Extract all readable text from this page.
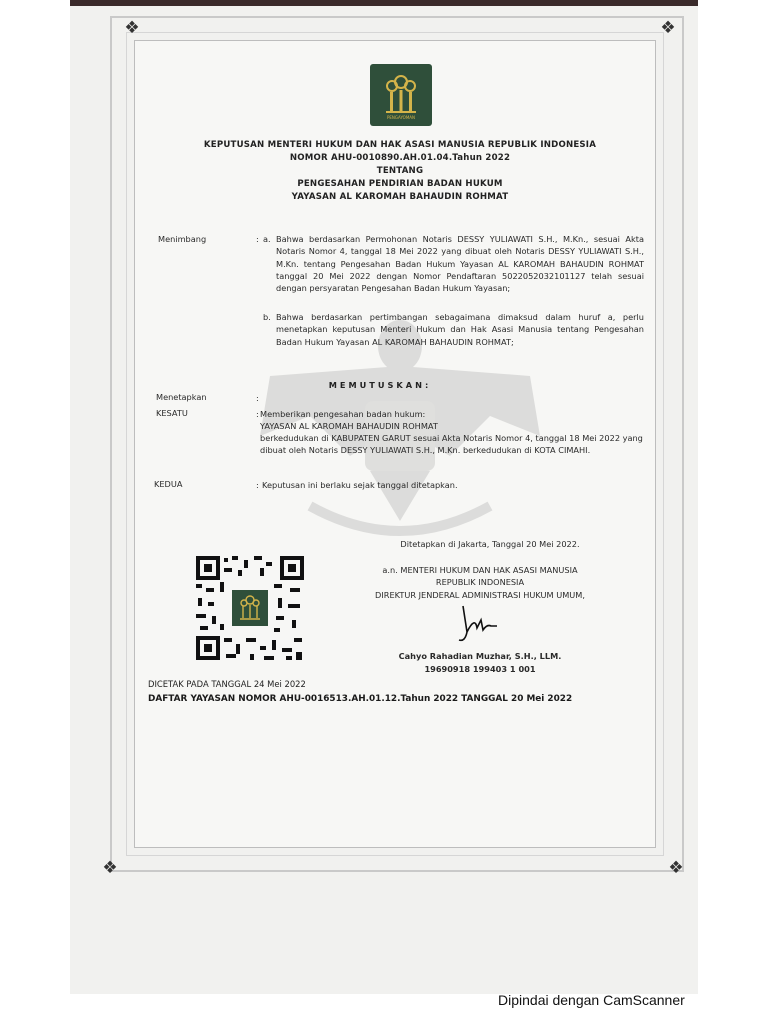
❖	❖
❖	❖
PENGAYOMAN
KEPUTUSAN MENTERI HUKUM DAN HAK ASASI MANUSIA REPUBLIK INDONESIA
NOMOR AHU-0010890.AH.01.04.Tahun 2022
TENTANG
PENGESAHAN PENDIRIAN BADAN HUKUM
YAYASAN AL KAROMAH BAHAUDIN ROHMAT
Menimbang	: a. Bahwa berdasarkan Permohonan Notaris DESSY YULIAWATI S.H., M.Kn., sesuai Akta Notaris Nomor 4, tanggal 18 Mei 2022 yang dibuat oleh Notaris DESSY YULIAWATI S.H., M.Kn. tentang Pengesahan Badan Hukum Yayasan AL KAROMAH BAHAUDIN ROHMAT tanggal 20 Mei 2022 dengan Nomor Pendaftaran 5022052032101127 telah sesuai dengan persyaratan Pengesahan Badan Hukum Yayasan;
b. Bahwa berdasarkan pertimbangan sebagaimana dimaksud dalam huruf a, perlu menetapkan keputusan Menteri Hukum dan Hak Asasi Manusia tentang Pengesahan Badan Hukum Yayasan AL KAROMAH BAHAUDIN ROHMAT;
MEMUTUSKAN:
Menetapkan	:
KESATU	: Memberikan pengesahan badan hukum:
YAYASAN AL KAROMAH BAHAUDIN ROHMAT
berkedudukan di KABUPATEN GARUT sesuai Akta Notaris Nomor 4, tanggal 18 Mei 2022 yang dibuat oleh Notaris DESSY YULIAWATI S.H., M.Kn. berkedudukan di KOTA CIMAHI.
KEDUA	: Keputusan ini berlaku sejak tanggal ditetapkan.
Ditetapkan di Jakarta, Tanggal 20 Mei 2022.
a.n. MENTERI HUKUM DAN HAK ASASI MANUSIA
REPUBLIK INDONESIA
DIREKTUR JENDERAL ADMINISTRASI HUKUM UMUM,
Cahyo Rahadian Muzhar, S.H., LLM.
19690918 199403 1 001
DICETAK PADA TANGGAL 24 Mei 2022
DAFTAR YAYASAN NOMOR AHU-0016513.AH.01.12.Tahun 2022 TANGGAL 20 Mei 2022
Dipindai dengan CamScanner
